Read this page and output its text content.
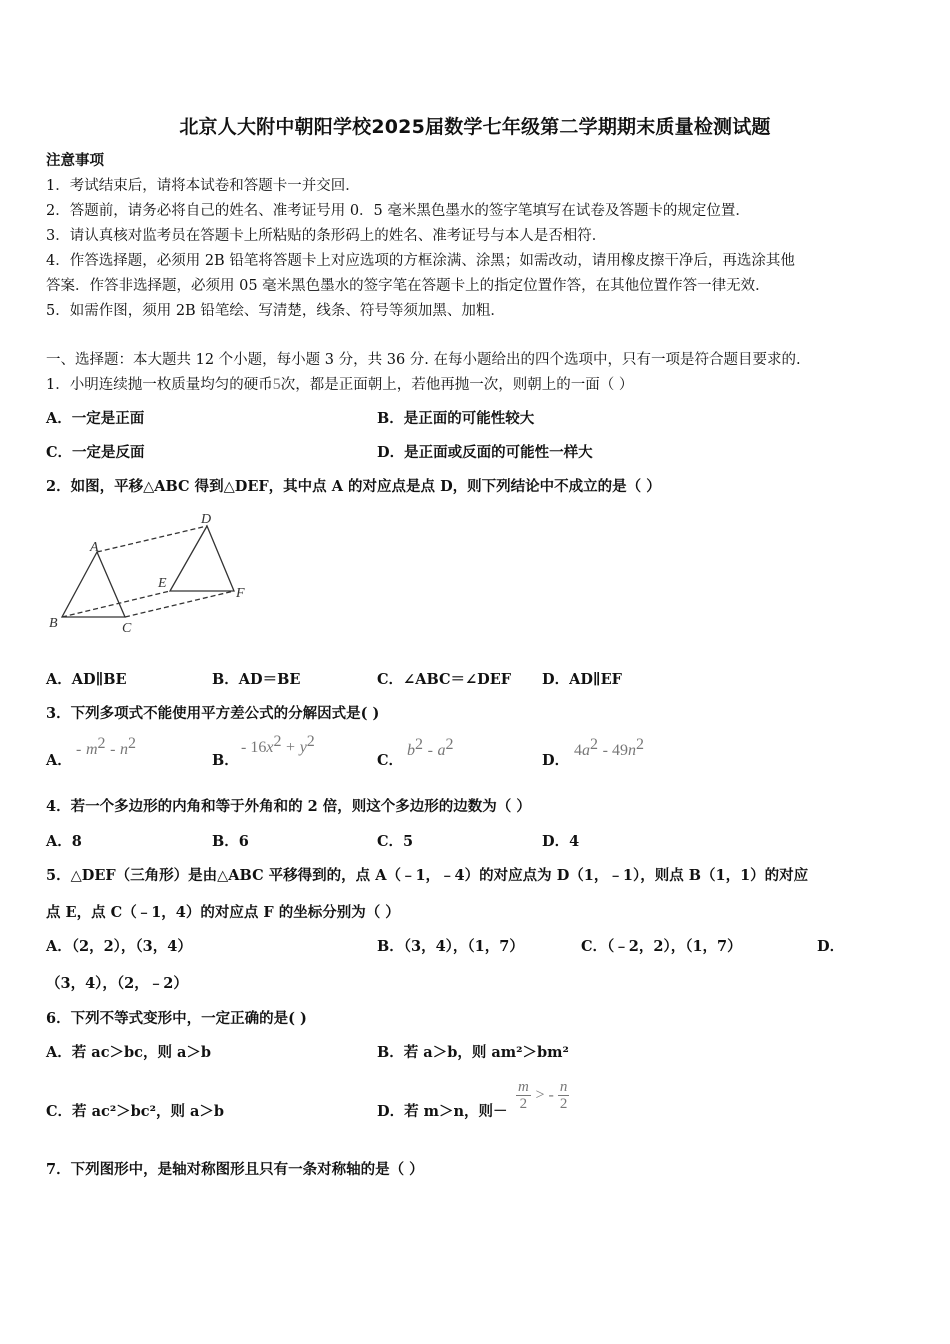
北京人大附中朝阳学校2025届数学七年级第二学期期末质量检测试题
注意事项
1．考试结束后，请将本试卷和答题卡一并交回．
2．答题前，请务必将自己的姓名、准考证号用 0．5 毫米黑色墨水的签字笔填写在试卷及答题卡的规定位置．
3．请认真核对监考员在答题卡上所粘贴的条形码上的姓名、准考证号与本人是否相符．
4．作答选择题，必须用 2B 铅笔将答题卡上对应选项的方框涂满、涂黑；如需改动，请用橡皮擦干净后，再选涂其他
答案．作答非选择题，必须用 05 毫米黑色墨水的签字笔在答题卡上的指定位置作答，在其他位置作答一律无效．
5．如需作图，须用 2B 铅笔绘、写清楚，线条、符号等须加黑、加粗．
一、选择题：本大题共 12 个小题，每小题 3 分，共 36 分. 在每小题给出的四个选项中，只有一项是符合题目要求的.
1．小明连续抛一枚质量均匀的硬币5次，都是正面朝上，若他再抛一次，则朝上的一面（ ）
A．一定是正面	B．是正面的可能性较大
C．一定是反面	D．是正面或反面的可能性一样大
2．如图，平移△ABC 得到△DEF，其中点 A 的对应点是点 D，则下列结论中不成立的是（ ）
A
B	C
D
E
F
A．AD∥BE	B．AD＝BE	C．∠ABC＝∠DEF D．AD∥EF
3．下列多项式不能使用平方差公式的分解因式是( )
A．
- $m^2 - n^2$
B．
- $16x^2 + y^2$
C．
$b^2 - a^2$
D．
$4a^2 - 49n^2$
4．若一个多边形的内角和等于外角和的 2 倍，则这个多边形的边数为（ ）
A．8	B．6	C．5	D．4
5．△DEF（三角形）是由△ABC 平移得到的，点 A（﹣1，﹣4）的对应点为 D（1，﹣1），则点 B（1，1）的对应
点 E，点 C（﹣1，4）的对应点 F 的坐标分别为（ ）
A．（2，2），（3，4）	B．（3，4），（1，7）	C．（﹣2，2），（1，7）	D．
（3，4），（2，﹣2）
6．下列不等式变形中，一定正确的是( )
A．若 ac＞bc，则 a＞b	B．若 a＞b，则 am²＞bm²
C．若 ac²＞bc²，则 a＞b	D．若 m＞n，则－ $\frac{m}{2}$ > - $\frac{n}{2}$
7．下列图形中，是轴对称图形且只有一条对称轴的是（ ）
